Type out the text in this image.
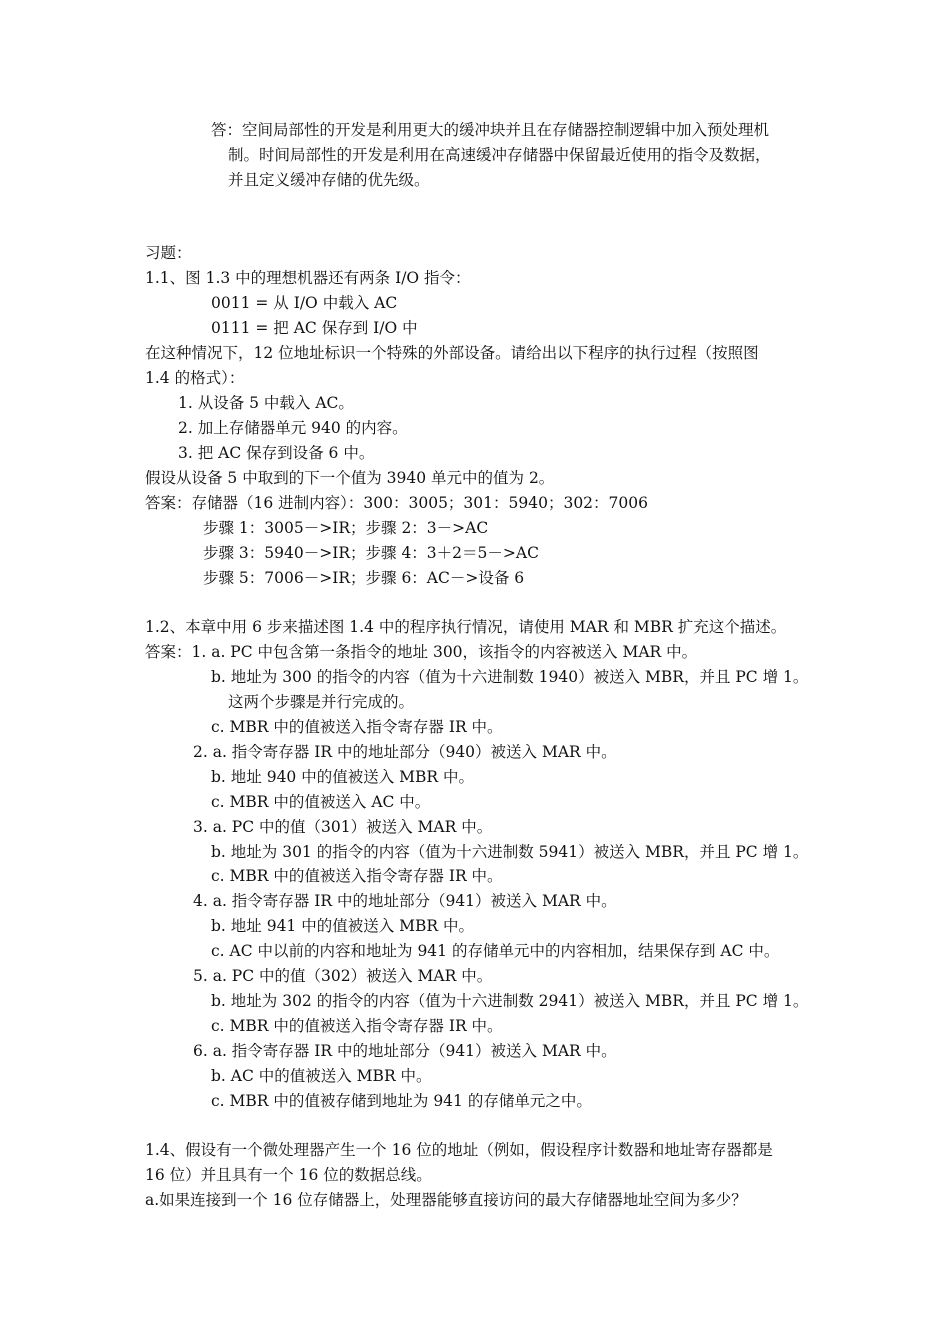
答：空间局部性的开发是利用更大的缓冲块并且在存储器控制逻辑中加入预处理机
制。时间局部性的开发是利用在高速缓冲存储器中保留最近使用的指令及数据，
并且定义缓冲存储的优先级。
习题：
1.1、图 1.3 中的理想机器还有两条 I/O 指令：
0011 = 从 I/O 中载入 AC
0111 = 把 AC 保存到 I/O 中
在这种情况下，12 位地址标识一个特殊的外部设备。请给出以下程序的执行过程（按照图
1.4 的格式）：
1. 从设备 5 中载入 AC。
2. 加上存储器单元 940 的内容。
3. 把 AC 保存到设备 6 中。
假设从设备 5 中取到的下一个值为 3940 单元中的值为 2。
答案：存储器（16 进制内容）：300：3005；301：5940；302：7006
步骤 1：3005－>IR；步骤 2：3－>AC
步骤 3：5940－>IR；步骤 4：3＋2＝5－>AC
步骤 5：7006－>IR；步骤 6：AC－>设备 6
1.2、本章中用 6 步来描述图 1.4 中的程序执行情况，请使用 MAR 和 MBR 扩充这个描述。
答案：1. a. PC 中包含第一条指令的地址 300，该指令的内容被送入 MAR 中。
b. 地址为 300 的指令的内容（值为十六进制数 1940）被送入 MBR，并且 PC 增 1。
这两个步骤是并行完成的。
c. MBR 中的值被送入指令寄存器 IR 中。
2. a. 指令寄存器 IR 中的地址部分（940）被送入 MAR 中。
b. 地址 940 中的值被送入 MBR 中。
c. MBR 中的值被送入 AC 中。
3. a. PC 中的值（301）被送入 MAR 中。
b. 地址为 301 的指令的内容（值为十六进制数 5941）被送入 MBR，并且 PC 增 1。
c. MBR 中的值被送入指令寄存器 IR 中。
4. a. 指令寄存器 IR 中的地址部分（941）被送入 MAR 中。
b. 地址 941 中的值被送入 MBR 中。
c. AC 中以前的内容和地址为 941 的存储单元中的内容相加，结果保存到 AC 中。
5. a. PC 中的值（302）被送入 MAR 中。
b. 地址为 302 的指令的内容（值为十六进制数 2941）被送入 MBR，并且 PC 增 1。
c. MBR 中的值被送入指令寄存器 IR 中。
6. a. 指令寄存器 IR 中的地址部分（941）被送入 MAR 中。
b. AC 中的值被送入 MBR 中。
c. MBR 中的值被存储到地址为 941 的存储单元之中。
1.4、假设有一个微处理器产生一个 16 位的地址（例如，假设程序计数器和地址寄存器都是
16 位）并且具有一个 16 位的数据总线。
a.如果连接到一个 16 位存储器上，处理器能够直接访问的最大存储器地址空间为多少？
